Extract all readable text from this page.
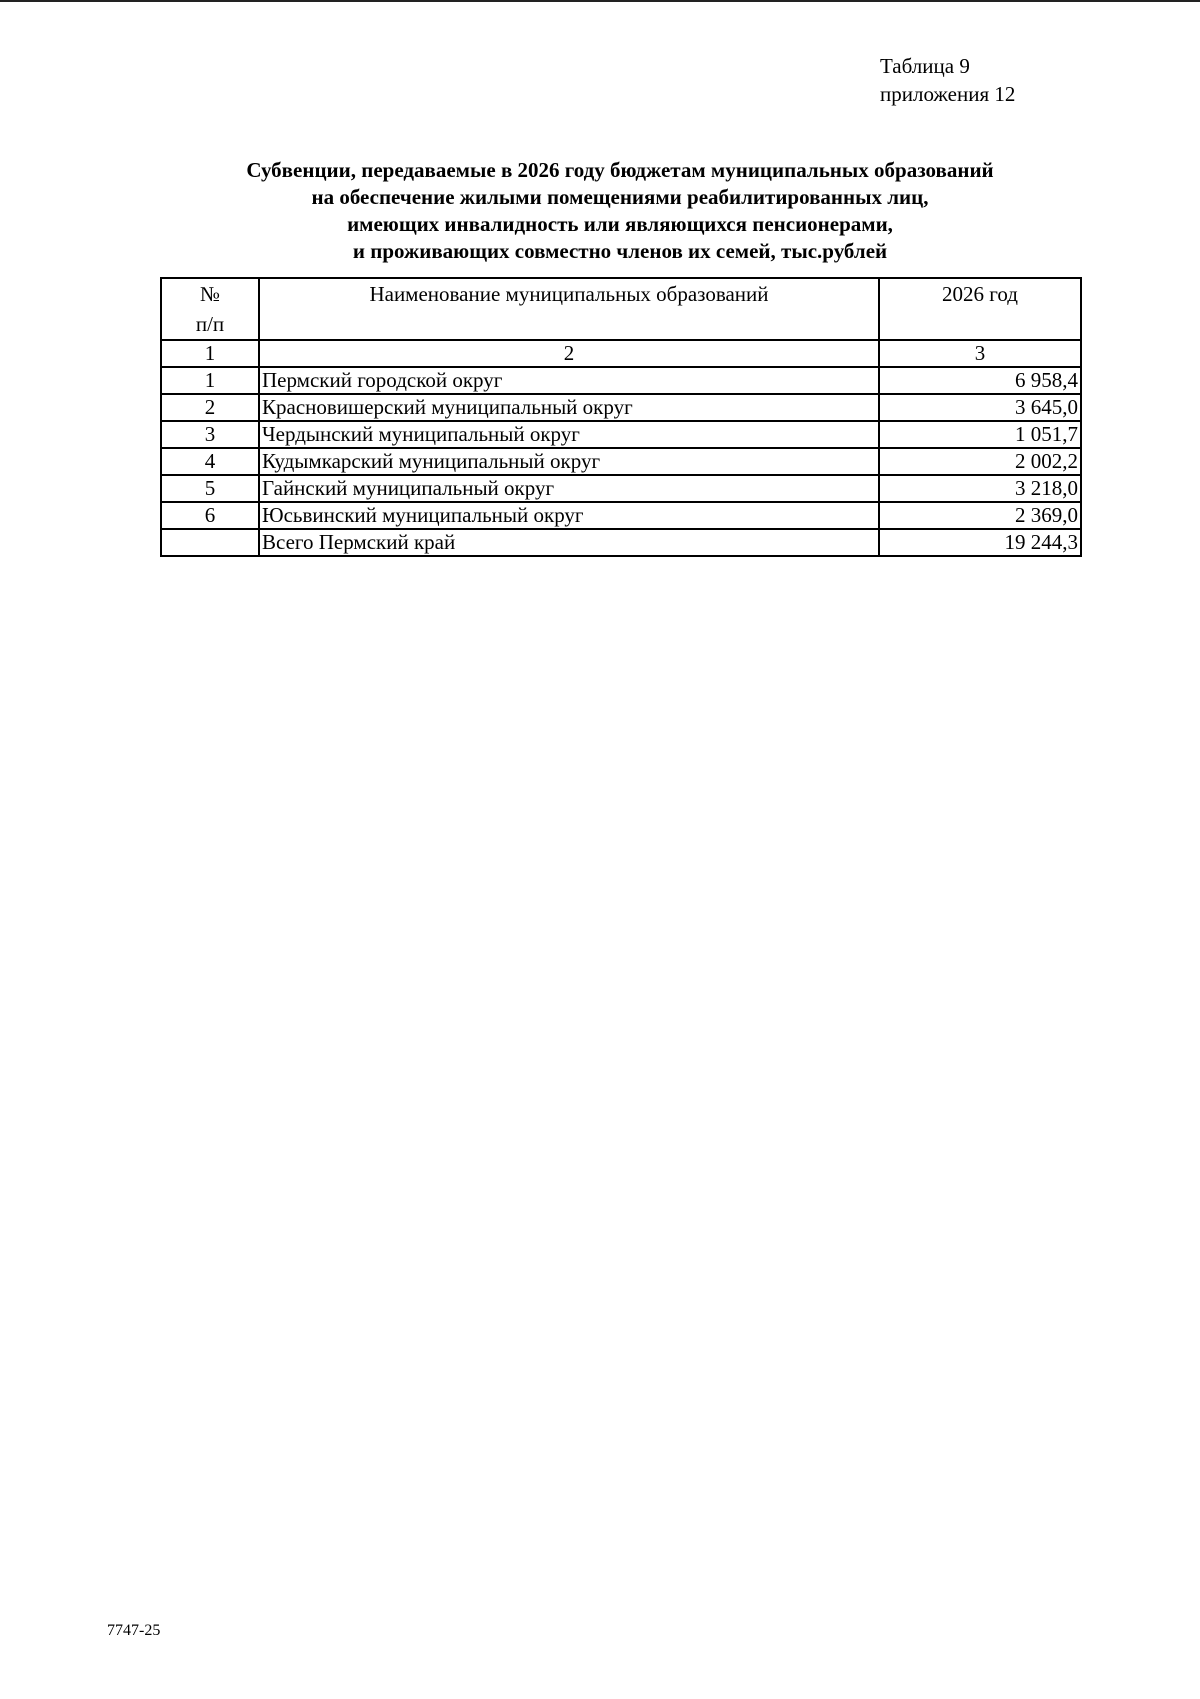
Таблица 9
приложения 12
Субвенции, передаваемые в 2026 году бюджетам муниципальных образований
на обеспечение жилыми помещениями реабилитированных лиц,
имеющих инвалидность или являющихся пенсионерами,
и проживающих совместно членов их семей, тыс.рублей
№
п/п	Наименование муниципальных образований	2026 год
1	2	3
1	Пермский городской округ	6 958,4
2	Красновишерский муниципальный округ	3 645,0
3	Чердынский муниципальный округ	1 051,7
4	Кудымкарский муниципальный округ	2 002,2
5	Гайнский муниципальный округ	3 218,0
6	Юсьвинский муниципальный округ	2 369,0
	Всего Пермский край	19 244,3
7747-25
